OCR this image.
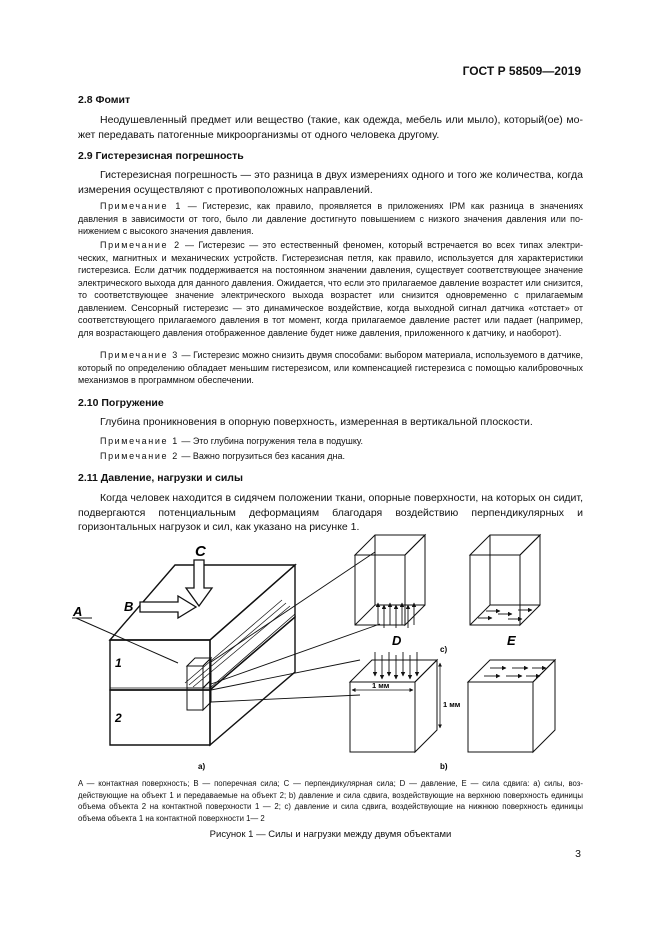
ГОСТ Р 58509—2019
2.8 Фомит
Неодушевленный предмет или вещество (такие, как одежда, мебель или мыло), который(ое) может передавать патогенные микроорганизмы от одного человека другому.
2.9 Гистерезисная погрешность
Гистерезисная погрешность — это разница в двух измерениях одного и того же количества, когда измерения осуществляют с противоположных направлений.
Примечание 1 — Гистерезис, как правило, проявляется в приложениях IPM как разница в значениях давления в зависимости от того, было ли давление достигнуто повышением с низкого значения давления или понижением с высокого значения давления.
Примечание 2 — Гистерезис — это естественный феномен, который встречается во всех типах электрических, магнитных и механических устройств. Гистерезисная петля, как правило, используется для характеристики гистерезиса. Если датчик поддерживается на постоянном значении давления, существует соответствующее значение электрического выхода для данного давления. Ожидается, что если это прилагаемое давление возрастет или снизится, то соответствующее значение электрического выхода возрастет или снизится одновременно с прилагаемым давлением. Сенсорный гистерезис — это динамическое воздействие, когда выходной сигнал датчика «отстает» от соответствующего прилагаемого давления в тот момент, когда прилагаемое давление растет или падает (например, для возрастающего давления отображенное давление будет ниже давления, приложенного к датчику, и наоборот).
Примечание 3 — Гистерезис можно снизить двумя способами: выбором материала, используемого в датчике, который по определению обладает меньшим гистерезисом, или компенсацией гистерезиса с помощью калибровочных механизмов в программном обеспечении.
2.10 Погружение
Глубина проникновения в опорную поверхность, измеренная в вертикальной плоскости.
Примечание 1 — Это глубина погружения тела в подушку.
Примечание 2 — Важно погрузиться без касания дна.
2.11 Давление, нагрузки и силы
Когда человек находится в сидячем положении ткани, опорные поверхности, на которых он сидит, подвергаются потенциальным деформациям благодаря воздействию перпендикулярных и горизонтальных нагрузок и сил, как указано на рисунке 1.
C
B
A
1
2
D	E
c)
1 мм
1 мм
a)	b)
A — контактная поверхность; B — поперечная сила; C — перпендикулярная сила; D — давление, E — сила сдвига: a) силы, воздействующие на объект 1 и передаваемые на объект 2; b) давление и сила сдвига, воздействующие на верхнюю поверхность единицы объема объекта 2 на контактной поверхности 1 — 2; c) давление и сила сдвига, воздействующие на нижнюю поверхность единицы объема объекта 1 на контактной поверхности 1— 2
Рисунок 1 — Силы и нагрузки между двумя объектами
3
